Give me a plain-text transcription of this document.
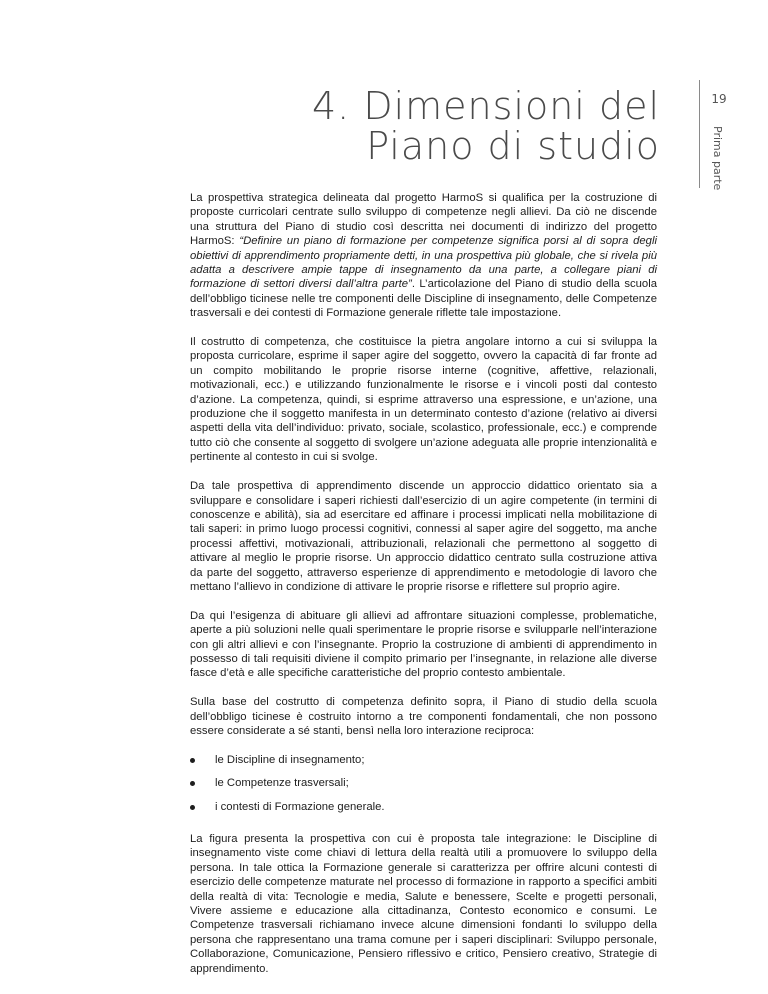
4. Dimensioni del
Piano di studio
19
Prima parte

La prospettiva strategica delineata dal progetto HarmoS si qualifica per la costruzione di proposte curricolari centrate sullo sviluppo di competenze negli allievi. Da ciò ne discende una struttura del Piano di studio così descritta nei documenti di indirizzo del progetto HarmoS: “Definire un piano di formazione per competenze significa porsi al di sopra degli obiettivi di apprendimento propriamente detti, in una prospettiva più globale, che si rivela più adatta a descrivere ampie tappe di insegnamento da una parte, a collegare piani di formazione di settori diversi dall’altra parte”. L’articolazione del Piano di studio della scuola dell’obbligo ticinese nelle tre componenti delle Discipline di insegnamento, delle Competenze trasversali e dei contesti di Formazione generale riflette tale impostazione.

Il costrutto di competenza, che costituisce la pietra angolare intorno a cui si sviluppa la proposta curricolare, esprime il saper agire del soggetto, ovvero la capacità di far fronte ad un compito mobilitando le proprie risorse interne (cognitive, affettive, relazionali, motivazionali, ecc.) e utilizzando funzionalmente le risorse e i vincoli posti dal contesto d’azione. La competenza, quindi, si esprime attraverso una espressione, e un’azione, una produzione che il soggetto manifesta in un determinato contesto d’azione (relativo ai diversi aspetti della vita dell’individuo: privato, sociale, scolastico, professionale, ecc.) e comprende tutto ciò che consente al soggetto di svolgere un’azione adeguata alle proprie intenzionalità e pertinente al contesto in cui si svolge.

Da tale prospettiva di apprendimento discende un approccio didattico orientato sia a sviluppare e consolidare i saperi richiesti dall’esercizio di un agire competente (in termini di conoscenze e abilità), sia ad esercitare ed affinare i processi implicati nella mobilitazione di tali saperi: in primo luogo processi cognitivi, connessi al saper agire del soggetto, ma anche processi affettivi, motivazionali, attribuzionali, relazionali che permettono al soggetto di attivare al meglio le proprie risorse. Un approccio didattico centrato sulla costruzione attiva da parte del soggetto, attraverso esperienze di apprendimento e metodologie di lavoro che mettano l’allievo in condizione di attivare le proprie risorse e riflettere sul proprio agire.

Da qui l’esigenza di abituare gli allievi ad affrontare situazioni complesse, problematiche, aperte a più soluzioni nelle quali sperimentare le proprie risorse e svilupparle nell’interazione con gli altri allievi e con l’insegnante. Proprio la costruzione di ambienti di apprendimento in possesso di tali requisiti diviene il compito primario per l’insegnante, in relazione alle diverse fasce d’età e alle specifiche caratteristiche del proprio contesto ambientale.

Sulla base del costrutto di competenza definito sopra, il Piano di studio della scuola dell’obbligo ticinese è costruito intorno a tre componenti fondamentali, che non possono essere considerate a sé stanti, bensì nella loro interazione reciproca:

le Discipline di insegnamento;
le Competenze trasversali;
i contesti di Formazione generale.

La figura presenta la prospettiva con cui è proposta tale integrazione: le Discipline di insegnamento viste come chiavi di lettura della realtà utili a promuovere lo sviluppo della persona. In tale ottica la Formazione generale si caratterizza per offrire alcuni contesti di esercizio delle competenze maturate nel processo di formazione in rapporto a specifici ambiti della realtà di vita: Tecnologie e media, Salute e benessere, Scelte e progetti personali, Vivere assieme e educazione alla cittadinanza, Contesto economico e consumi. Le Competenze trasversali richiamano invece alcune dimensioni fondanti lo sviluppo della persona che rappresentano una trama comune per i saperi disciplinari: Sviluppo personale, Collaborazione, Comunicazione, Pensiero riflessivo e critico, Pensiero creativo, Strategie di apprendimento.
